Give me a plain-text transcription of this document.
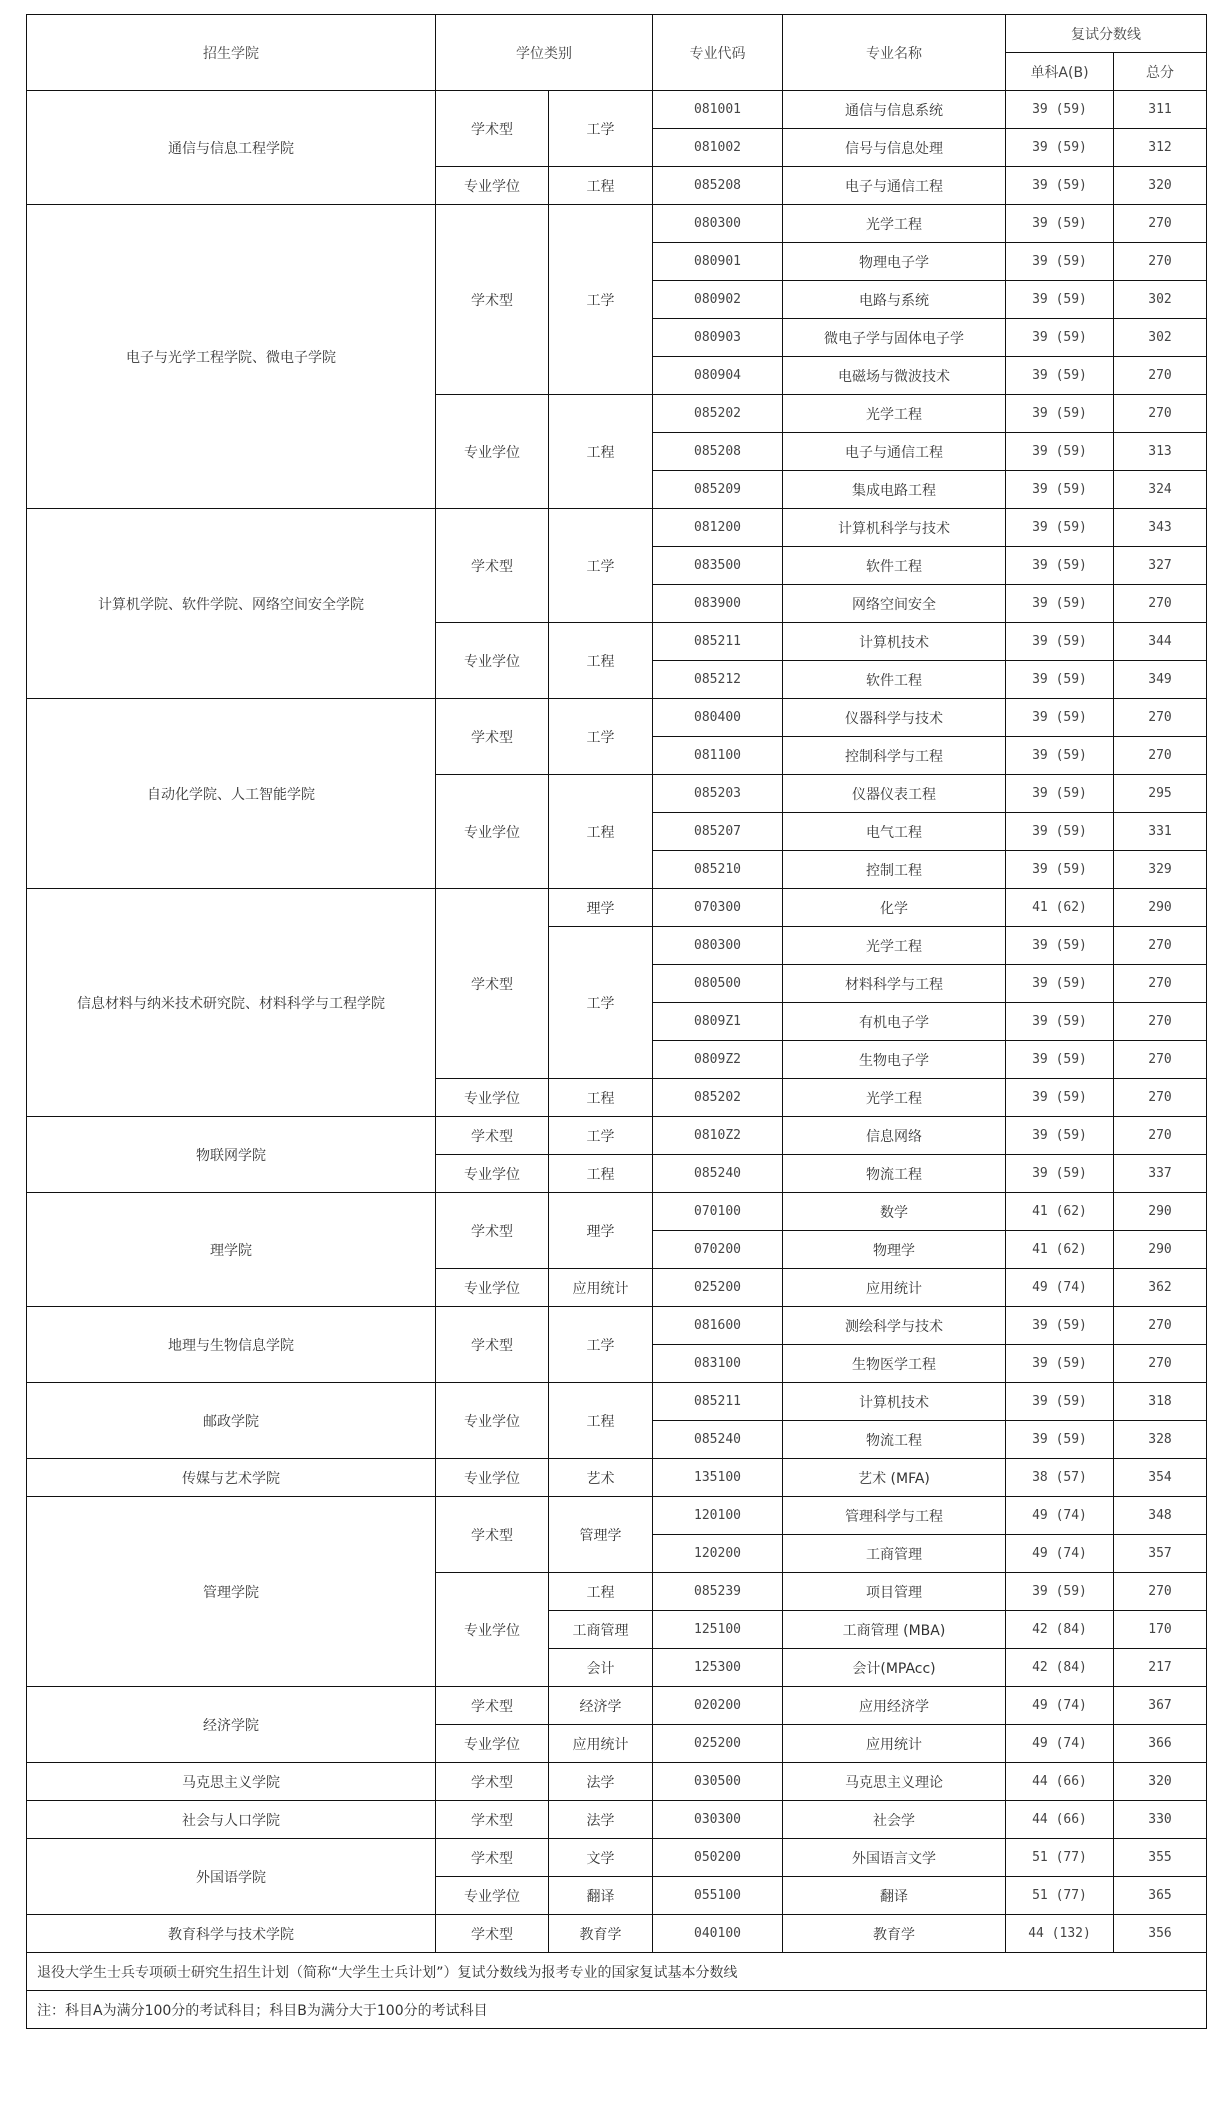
招生学院	学位类别		专业代码	专业名称	复试分数线	
					单科A(B)	总分
通信与信息工程学院	学术型	工学	081001	通信与信息系统	39 (59)	311
			081002	信号与信息处理	39 (59)	312
	专业学位	工程	085208	电子与通信工程	39 (59)	320
电子与光学工程学院、微电子学院	学术型	工学	080300	光学工程	39 (59)	270
			080901	物理电子学	39 (59)	270
			080902	电路与系统	39 (59)	302
			080903	微电子学与固体电子学	39 (59)	302
			080904	电磁场与微波技术	39 (59)	270
	专业学位	工程	085202	光学工程	39 (59)	270
			085208	电子与通信工程	39 (59)	313
			085209	集成电路工程	39 (59)	324
计算机学院、软件学院、网络空间安全学院	学术型	工学	081200	计算机科学与技术	39 (59)	343
			083500	软件工程	39 (59)	327
			083900	网络空间安全	39 (59)	270
	专业学位	工程	085211	计算机技术	39 (59)	344
			085212	软件工程	39 (59)	349
自动化学院、人工智能学院	学术型	工学	080400	仪器科学与技术	39 (59)	270
			081100	控制科学与工程	39 (59)	270
	专业学位	工程	085203	仪器仪表工程	39 (59)	295
			085207	电气工程	39 (59)	331
			085210	控制工程	39 (59)	329
信息材料与纳米技术研究院、材料科学与工程学院	学术型	理学	070300	化学	41 (62)	290
		工学	080300	光学工程	39 (59)	270
			080500	材料科学与工程	39 (59)	270
			0809Z1	有机电子学	39 (59)	270
			0809Z2	生物电子学	39 (59)	270
	专业学位	工程	085202	光学工程	39 (59)	270
物联网学院	学术型	工学	0810Z2	信息网络	39 (59)	270
	专业学位	工程	085240	物流工程	39 (59)	337
理学院	学术型	理学	070100	数学	41 (62)	290
			070200	物理学	41 (62)	290
	专业学位	应用统计	025200	应用统计	49 (74)	362
地理与生物信息学院	学术型	工学	081600	测绘科学与技术	39 (59)	270
			083100	生物医学工程	39 (59)	270
邮政学院	专业学位	工程	085211	计算机技术	39 (59)	318
			085240	物流工程	39 (59)	328
传媒与艺术学院	专业学位	艺术	135100	艺术 (MFA)	38 (57)	354
管理学院	学术型	管理学	120100	管理科学与工程	49 (74)	348
			120200	工商管理	49 (74)	357
	专业学位	工程	085239	项目管理	39 (59)	270
		工商管理	125100	工商管理 (MBA)	42 (84)	170
		会计	125300	会计(MPAcc)	42 (84)	217
经济学院	学术型	经济学	020200	应用经济学	49 (74)	367
	专业学位	应用统计	025200	应用统计	49 (74)	366
马克思主义学院	学术型	法学	030500	马克思主义理论	44 (66)	320
社会与人口学院	学术型	法学	030300	社会学	44 (66)	330
外国语学院	学术型	文学	050200	外国语言文学	51 (77)	355
	专业学位	翻译	055100	翻译	51 (77)	365
教育科学与技术学院	学术型	教育学	040100	教育学	44 (132)	356
退役大学生士兵专项硕士研究生招生计划（简称“大学生士兵计划”）复试分数线为报考专业的国家复试基本分数线						
注：科目A为满分100分的考试科目；科目B为满分大于100分的考试科目						
